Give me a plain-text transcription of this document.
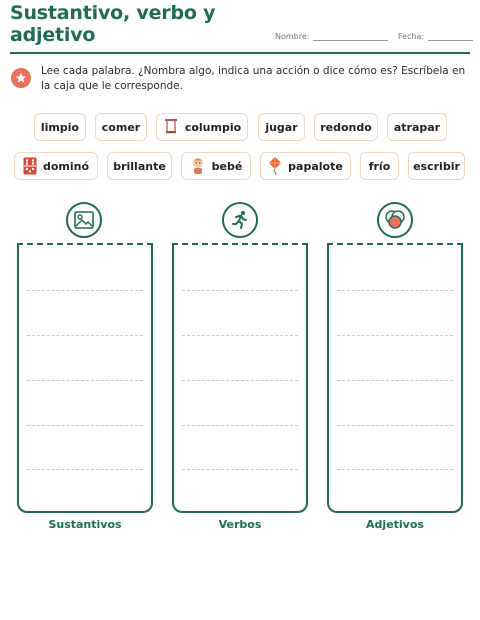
Sustantivo, verbo y adjetivo	Nombre:	Fecha:
Lee cada palabra. ¿Nombra algo, indica una acción o dice cómo es? Escríbela en la caja que le corresponde.
limpio comer	columpio jugar redondo atrapar
dominó brillante	bebé	papalote frío escribir
Sustantivos	Verbos	Adjetivos
